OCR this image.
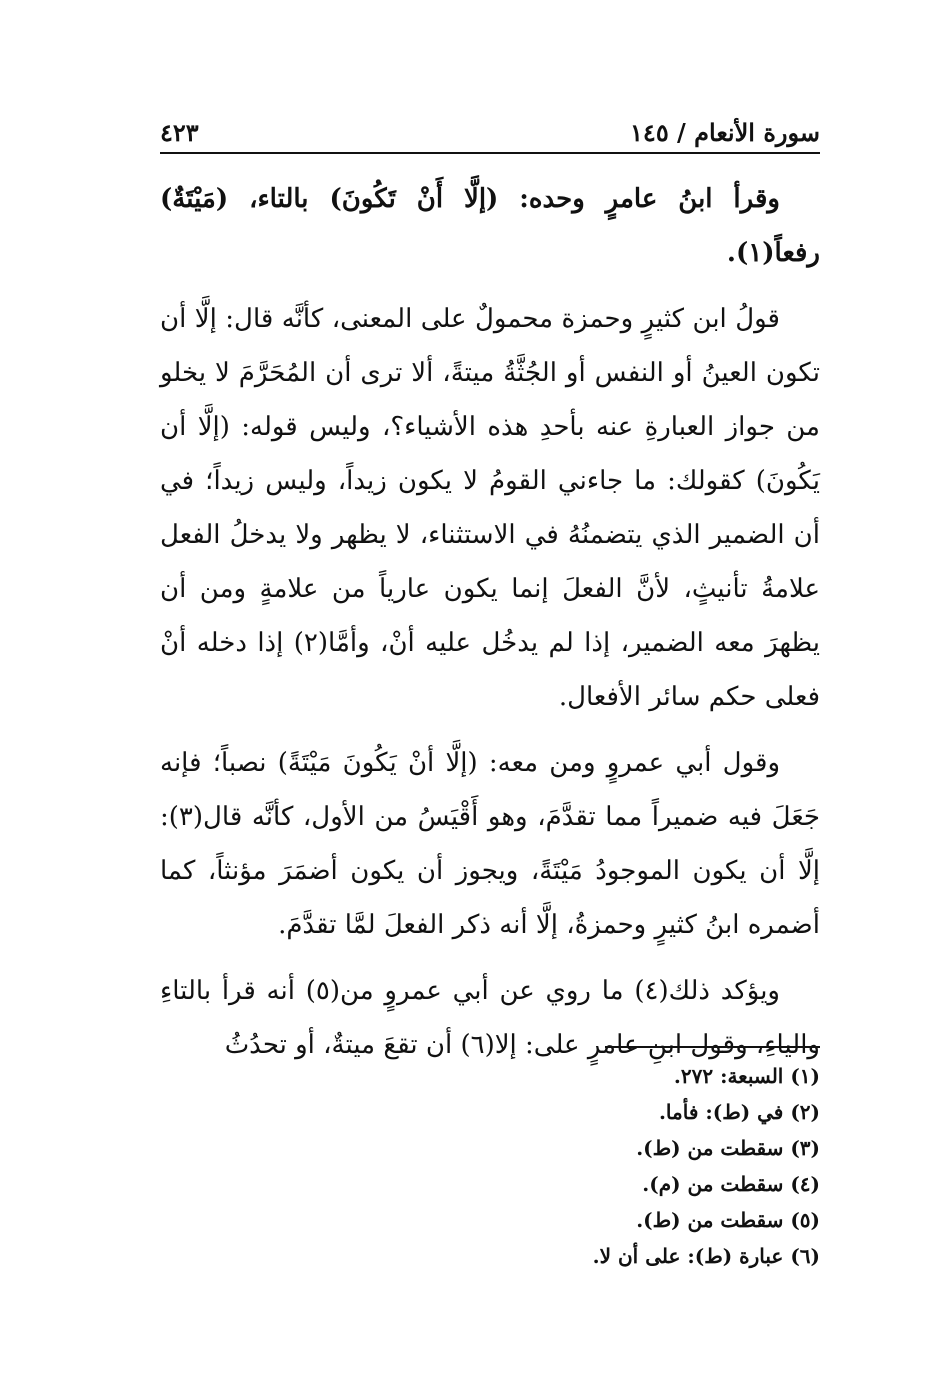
سورة الأنعام / ١٤٥
٤٢٣

وقرأ ابنُ عامرٍ وحده: (إلَّا أَنْ تَكُونَ) بالتاء، (مَيْتَةٌ) رفعاً(١).

قولُ ابن كثيرٍ وحمزة محمولٌ على المعنى، كأنَّه قال: إلَّا أن تكون العينُ أو النفس أو الجُثَّةُ ميتةً، ألا ترى أن المُحَرَّمَ لا يخلو من جواز العبارةِ عنه بأحدِ هذه الأشياء؟، وليس قوله: (إلَّا أن يَكُونَ) كقولك: ما جاءني القومُ لا يكون زيداً، وليس زيداً؛ في أن الضمير الذي يتضمنُهُ في الاستثناء، لا يظهر ولا يدخلُ الفعل علامةُ تأنيثٍ، لأنَّ الفعلَ إنما يكون عارياً من علامةٍ ومن أن يظهرَ معه الضمير، إذا لم يدخُل عليه أنْ، وأمَّا(٢) إذا دخله أنْ فعلى حكم سائر الأفعال.

وقول أبي عمروٍ ومن معه: (إلَّا أنْ يَكُونَ مَيْتَةً) نصباً؛ فإنه جَعَلَ فيه ضميراً مما تقدَّمَ، وهو أَقْيَسُ من الأول، كأنَّه قال(٣): إلَّا أن يكون الموجودُ مَيْتَةً، ويجوز أن يكون أضمَرَ مؤنثاً، كما أضمره ابنُ كثيرٍ وحمزةُ، إلَّا أنه ذكر الفعلَ لمَّا تقدَّمَ.

ويؤكد ذلك(٤) ما روي عن أبي عمروٍ من(٥) أنه قرأ بالتاءِ والياءِ، وقول ابنِ عامرٍ على: إلا(٦) أن تقعَ ميتةٌ، أو تحدُثُ

(١) السبعة: ٢٧٢.
(٢) في (ط): فأما.
(٣) سقطت من (ط).
(٤) سقطت من (م).
(٥) سقطت من (ط).
(٦) عبارة (ط): على أن لا.
